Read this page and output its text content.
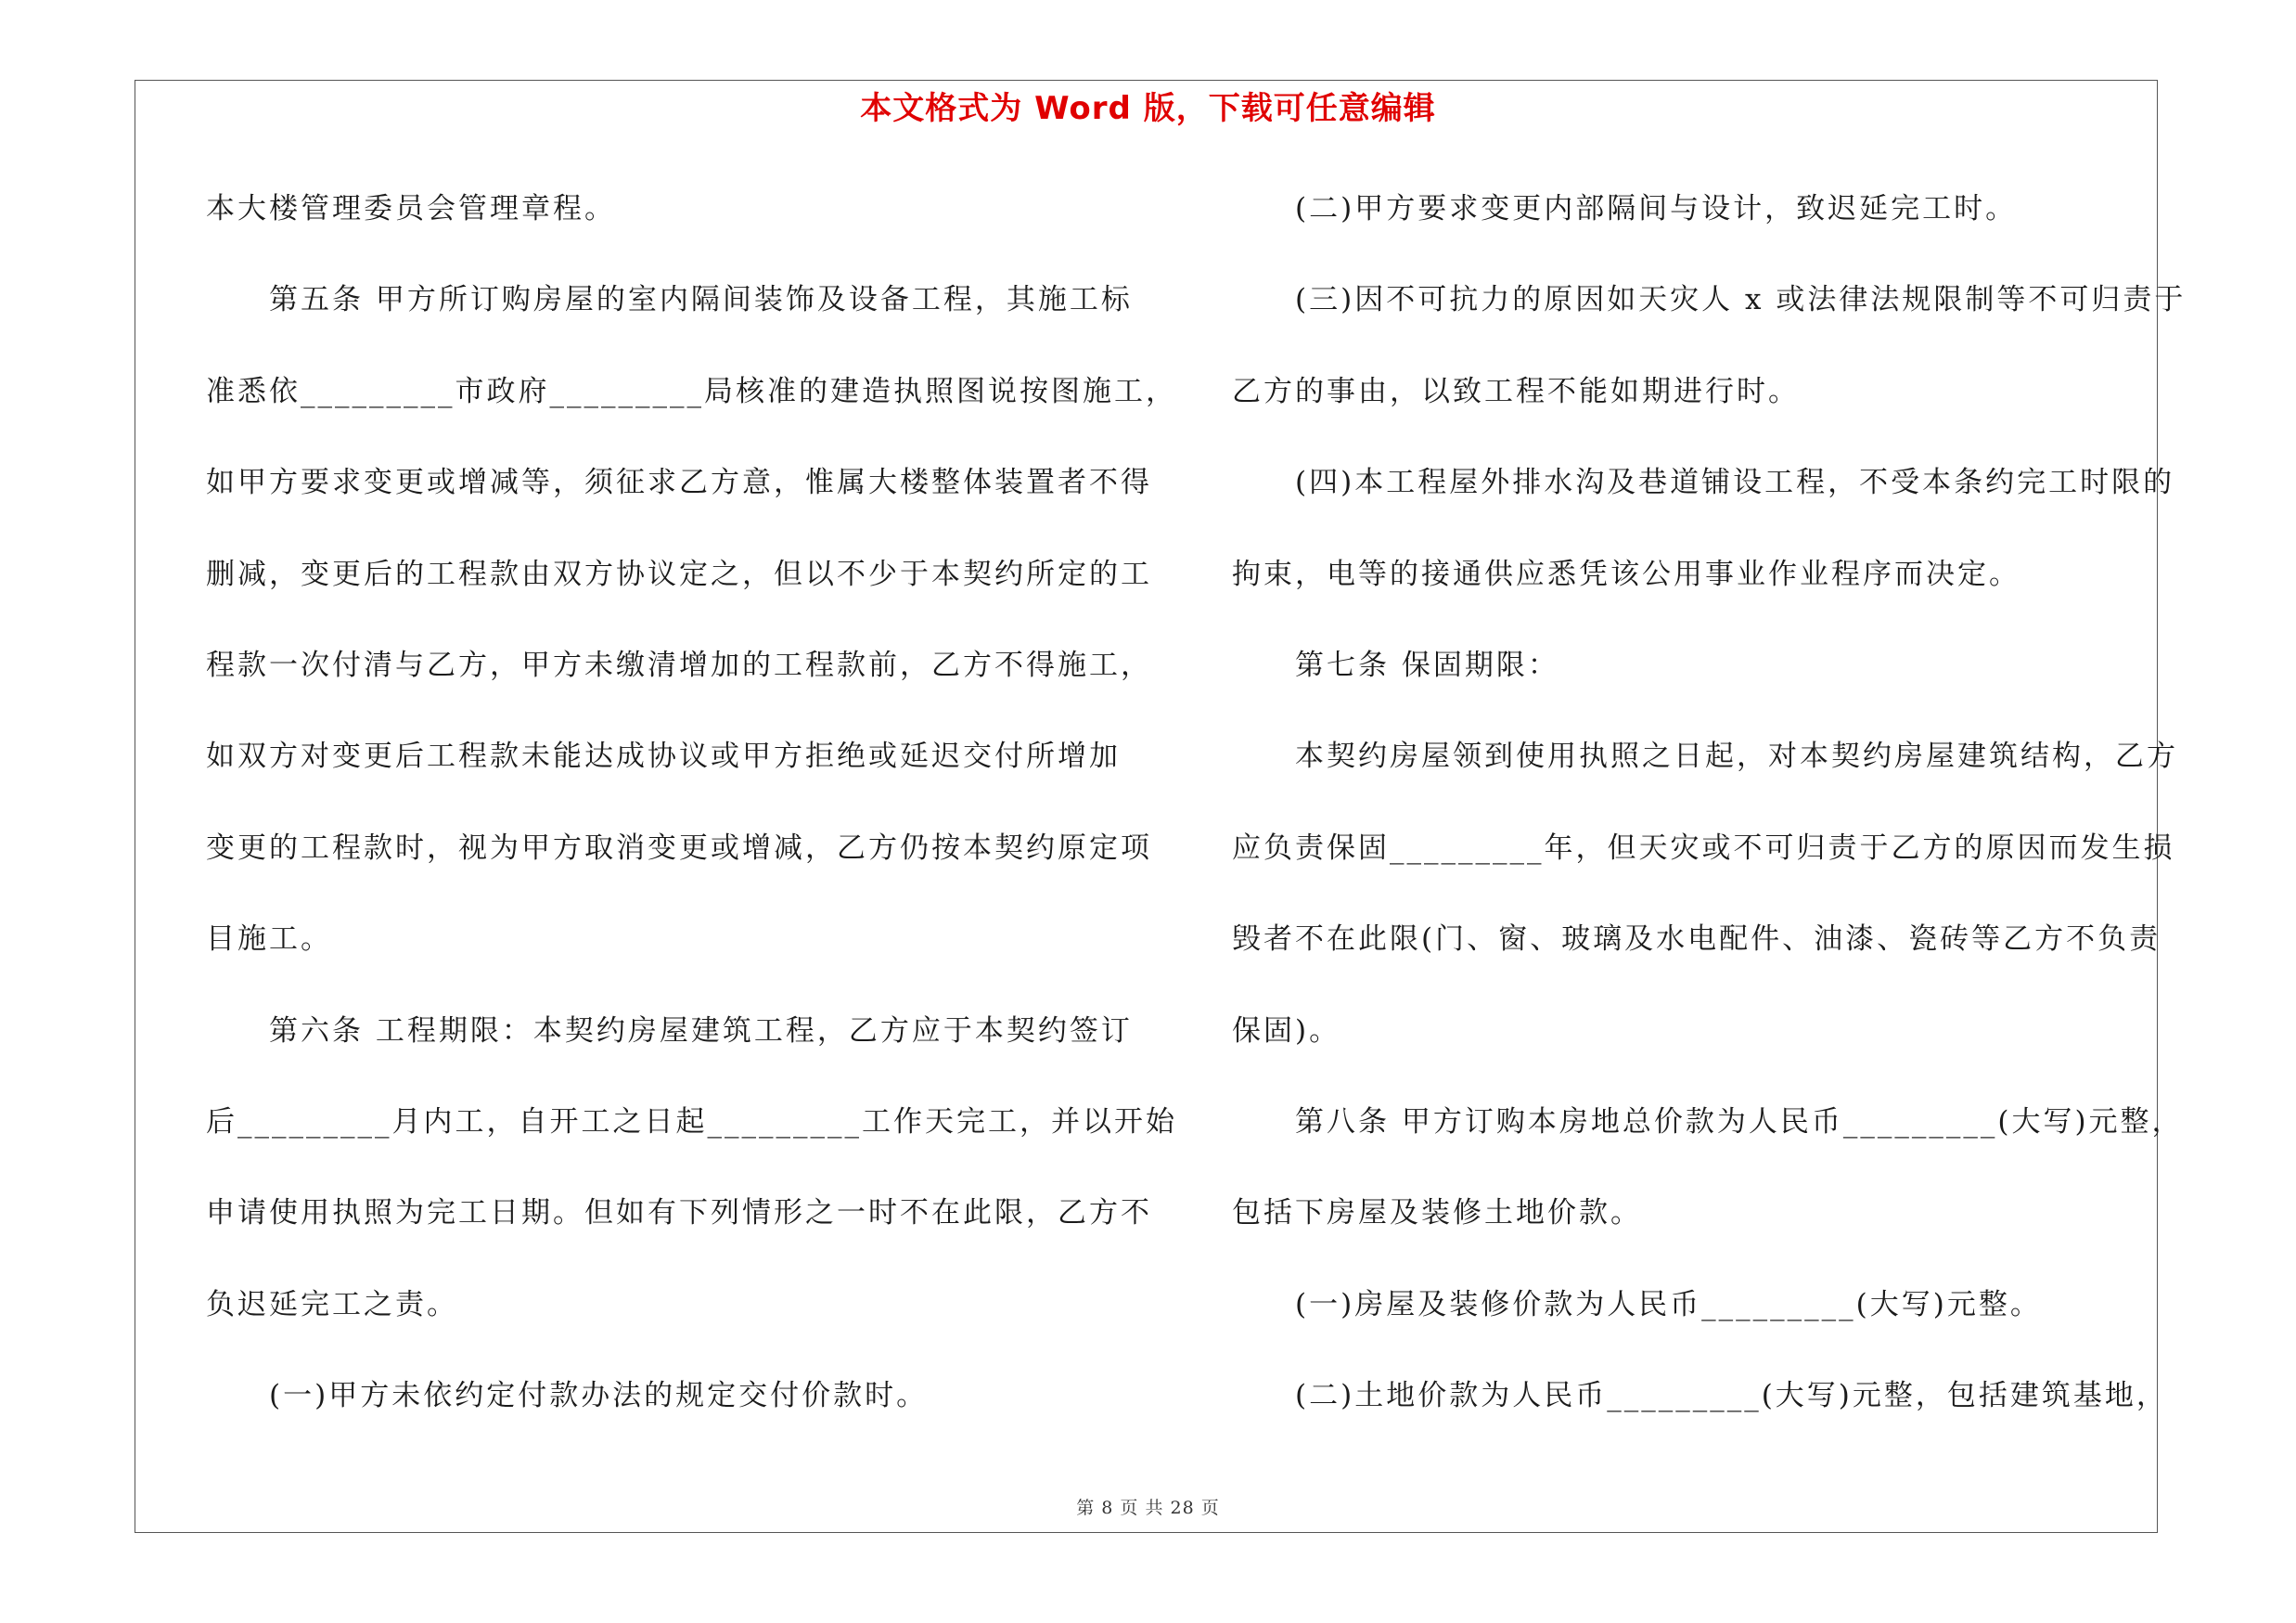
本文格式为 Word 版，下载可任意编辑
本大楼管理委员会管理章程。
第五条 甲方所订购房屋的室内隔间装饰及设备工程，其施工标
准悉依_________市政府_________局核准的建造执照图说按图施工，
如甲方要求变更或增减等，须征求乙方意，惟属大楼整体装置者不得
删减，变更后的工程款由双方协议定之，但以不少于本契约所定的工
程款一次付清与乙方，甲方未缴清增加的工程款前，乙方不得施工，
如双方对变更后工程款未能达成协议或甲方拒绝或延迟交付所增加
变更的工程款时，视为甲方取消变更或增减，乙方仍按本契约原定项
目施工。
第六条 工程期限：本契约房屋建筑工程，乙方应于本契约签订
后_________月内工，自开工之日起_________工作天完工，并以开始
申请使用执照为完工日期。但如有下列情形之一时不在此限，乙方不
负迟延完工之责。
(一)甲方未依约定付款办法的规定交付价款时。
(二)甲方要求变更内部隔间与设计，致迟延完工时。
(三)因不可抗力的原因如天灾人 x 或法律法规限制等不可归责于
乙方的事由，以致工程不能如期进行时。
(四)本工程屋外排水沟及巷道铺设工程，不受本条约完工时限的
拘束，电等的接通供应悉凭该公用事业作业程序而决定。
第七条 保固期限：
本契约房屋领到使用执照之日起，对本契约房屋建筑结构，乙方
应负责保固_________年，但天灾或不可归责于乙方的原因而发生损
毁者不在此限(门、窗、玻璃及水电配件、油漆、瓷砖等乙方不负责
保固)。
第八条 甲方订购本房地总价款为人民币_________(大写)元整，
包括下房屋及装修土地价款。
(一)房屋及装修价款为人民币_________(大写)元整。
(二)土地价款为人民币_________(大写)元整，包括建筑基地，
第 8 页 共 28 页
